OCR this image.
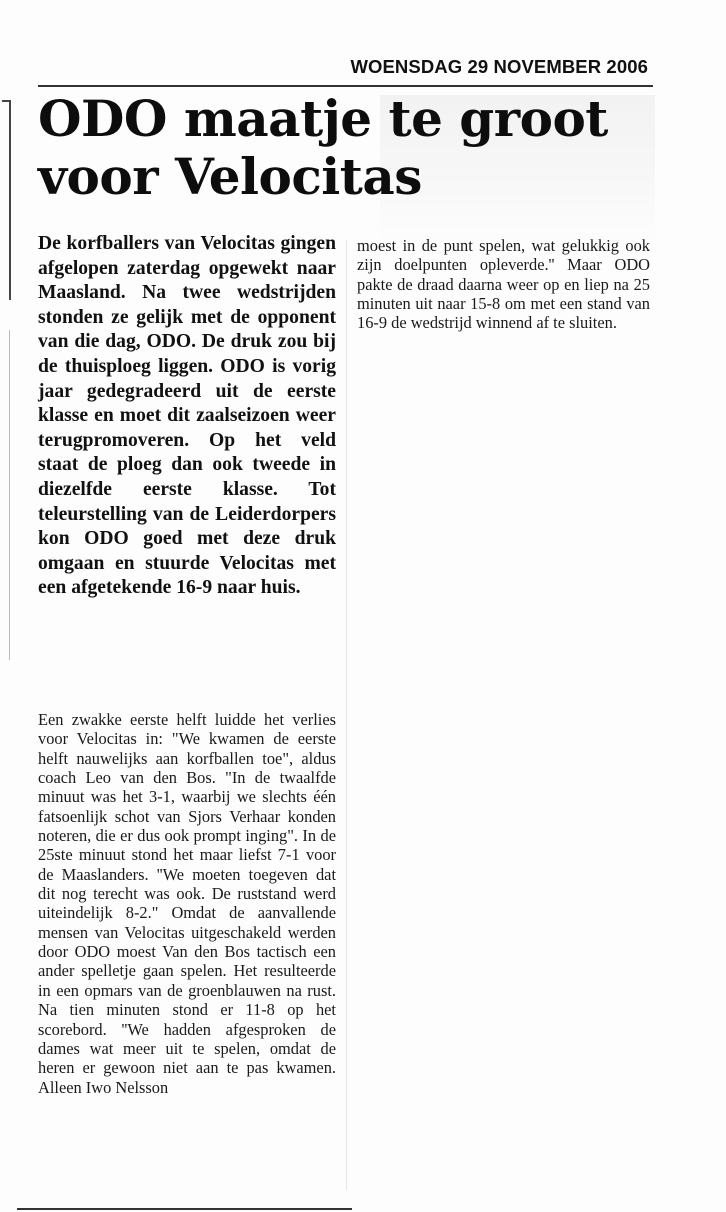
WOENSDAG 29 NOVEMBER 2006
ODO maatje te groot voor Velocitas

De korfballers van Velocitas gingen afgelopen zaterdag opgewekt naar Maasland. Na twee wedstrijden stonden ze gelijk met de opponent van die dag, ODO. De druk zou bij de thuisploeg liggen. ODO is vorig jaar gedegradeerd uit de eerste klasse en moet dit zaalseizoen weer terugpromoveren. Op het veld staat de ploeg dan ook tweede in diezelfde eerste klasse. Tot teleurstelling van de Leiderdorpers kon ODO goed met deze druk omgaan en stuurde Velocitas met een afgetekende 16-9 naar huis.

Een zwakke eerste helft luidde het verlies voor Velocitas in: "We kwamen de eerste helft nauwelijks aan korfballen toe", aldus coach Leo van den Bos. "In de twaalfde minuut was het 3-1, waarbij we slechts één fatsoenlijk schot van Sjors Verhaar konden noteren, die er dus ook prompt inging". In de 25ste minuut stond het maar liefst 7-1 voor de Maaslanders. ''We moeten toegeven dat dit nog terecht was ook. De ruststand werd uiteindelijk 8-2." Omdat de aanvallende mensen van Velocitas uitgeschakeld werden door ODO moest Van den Bos tactisch een ander spelletje gaan spelen. Het resulteerde in een opmars van de groenblauwen na rust. Na tien minuten stond er 11-8 op het scorebord. ''We hadden afgesproken de dames wat meer uit te spelen, omdat de heren er gewoon niet aan te pas kwamen. Alleen Iwo Nelsson

moest in de punt spelen, wat gelukkig ook zijn doelpunten opleverde.'' Maar ODO pakte de draad daarna weer op en liep na 25 minuten uit naar 15-8 om met een stand van 16-9 de wedstrijd winnend af te sluiten.
